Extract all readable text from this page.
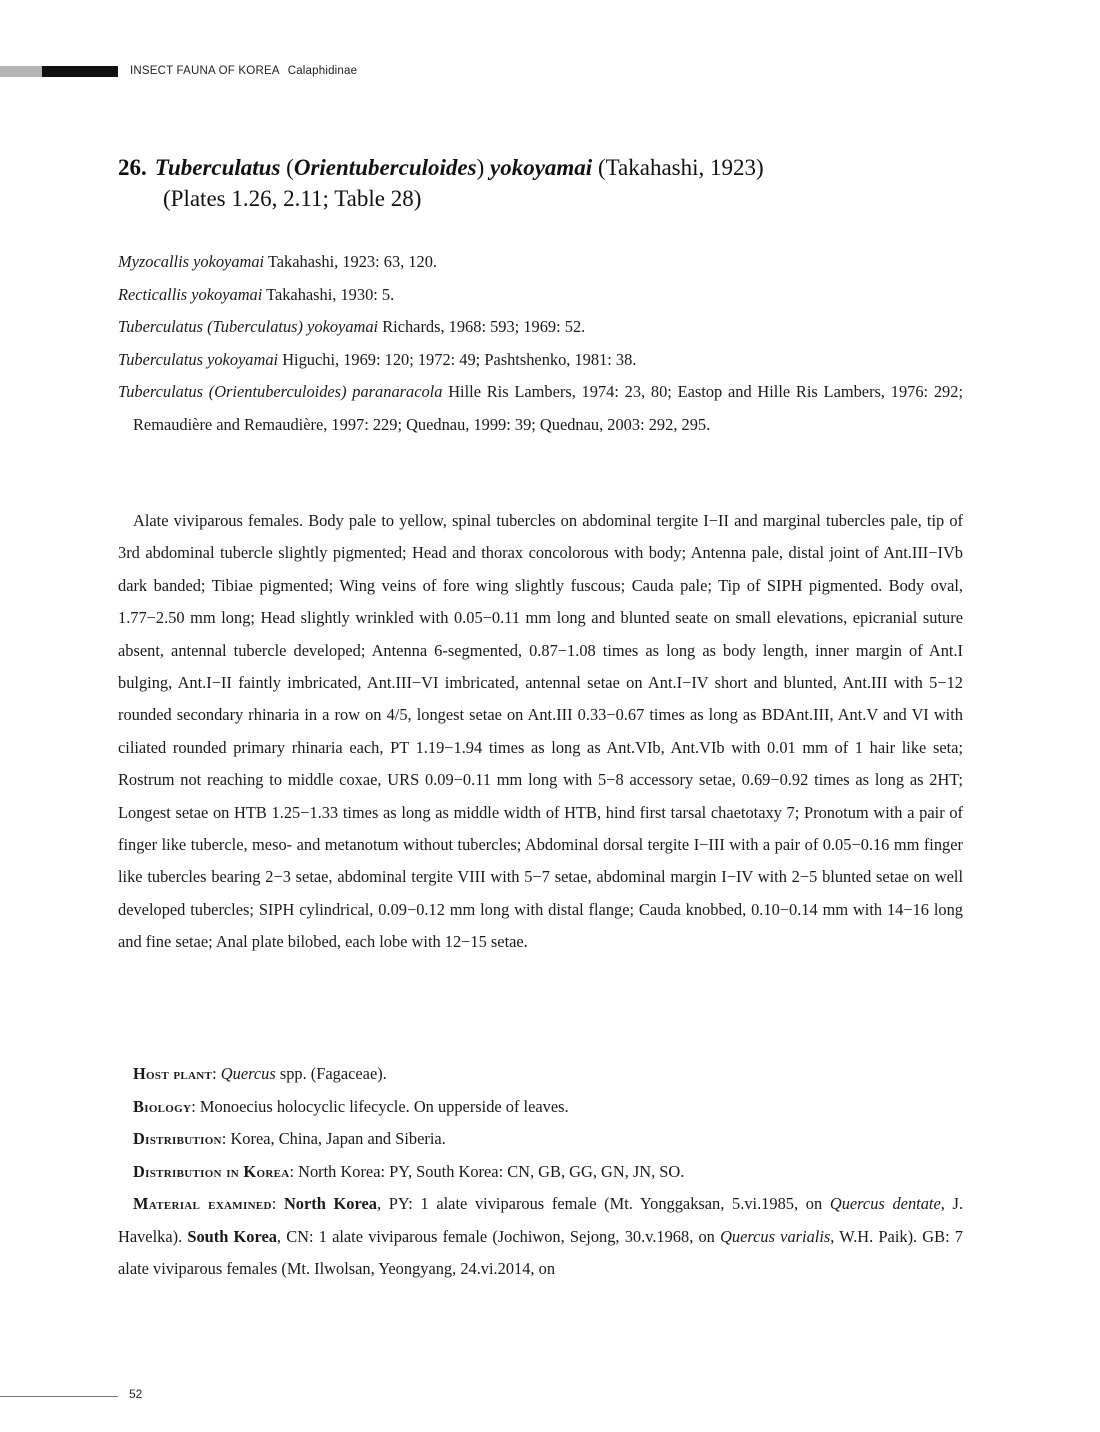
INSECT FAUNA OF KOREA Calaphidinae
26. Tuberculatus (Orientuberculoides) yokoyamai (Takahashi, 1923)
(Plates 1.26, 2.11; Table 28)

Myzocallis yokoyamai Takahashi, 1923: 63, 120.

Recticallis yokoyamai Takahashi, 1930: 5.

Tuberculatus (Tuberculatus) yokoyamai Richards, 1968: 593; 1969: 52.

Tuberculatus yokoyamai Higuchi, 1969: 120; 1972: 49; Pashtshenko, 1981: 38.

Tuberculatus (Orientuberculoides) paranaracola Hille Ris Lambers, 1974: 23, 80; Eastop and Hille Ris Lambers, 1976: 292; Remaudière and Remaudière, 1997: 229; Quednau, 1999: 39; Quednau, 2003: 292, 295.

Alate viviparous females. Body pale to yellow, spinal tubercles on abdominal tergite I−II and marginal tubercles pale, tip of 3rd abdominal tubercle slightly pigmented; Head and thorax concolorous with body; Antenna pale, distal joint of Ant.III−IVb dark banded; Tibiae pigmented; Wing veins of fore wing slightly fuscous; Cauda pale; Tip of SIPH pigmented. Body oval, 1.77−2.50 mm long; Head slightly wrinkled with 0.05−0.11 mm long and blunted seate on small elevations, epicranial suture absent, antennal tubercle developed; Antenna 6-segmented, 0.87−1.08 times as long as body length, inner margin of Ant.I bulging, Ant.I−II faintly imbricated, Ant.III−VI imbricated, antennal setae on Ant.I−IV short and blunted, Ant.III with 5−12 rounded secondary rhinaria in a row on 4/5, longest setae on Ant.III 0.33−0.67 times as long as BDAnt.III, Ant.V and VI with ciliated rounded primary rhinaria each, PT 1.19−1.94 times as long as Ant.VIb, Ant.VIb with 0.01 mm of 1 hair like seta; Rostrum not reaching to middle coxae, URS 0.09−0.11 mm long with 5−8 accessory setae, 0.69−0.92 times as long as 2HT; Longest setae on HTB 1.25−1.33 times as long as middle width of HTB, hind first tarsal chaetotaxy 7; Pronotum with a pair of finger like tubercle, meso- and metanotum without tubercles; Abdominal dorsal tergite I−III with a pair of 0.05−0.16 mm finger like tubercles bearing 2−3 setae, abdominal tergite VIII with 5−7 setae, abdominal margin I−IV with 2−5 blunted setae on well developed tubercles; SIPH cylindrical, 0.09−0.12 mm long with distal flange; Cauda knobbed, 0.10−0.14 mm with 14−16 long and fine setae; Anal plate bilobed, each lobe with 12−15 setae.

Host plant: Quercus spp. (Fagaceae).

Biology: Monoecius holocyclic lifecycle. On upperside of leaves.

Distribution: Korea, China, Japan and Siberia.

Distribution in Korea: North Korea: PY, South Korea: CN, GB, GG, GN, JN, SO.

Material examined: North Korea, PY: 1 alate viviparous female (Mt. Yonggaksan, 5.vi.1985, on Quercus dentate, J. Havelka). South Korea, CN: 1 alate viviparous female (Jochiwon, Sejong, 30.v.1968, on Quercus varialis, W.H. Paik). GB: 7 alate viviparous females (Mt. Ilwolsan, Yeongyang, 24.vi.2014, on

52
